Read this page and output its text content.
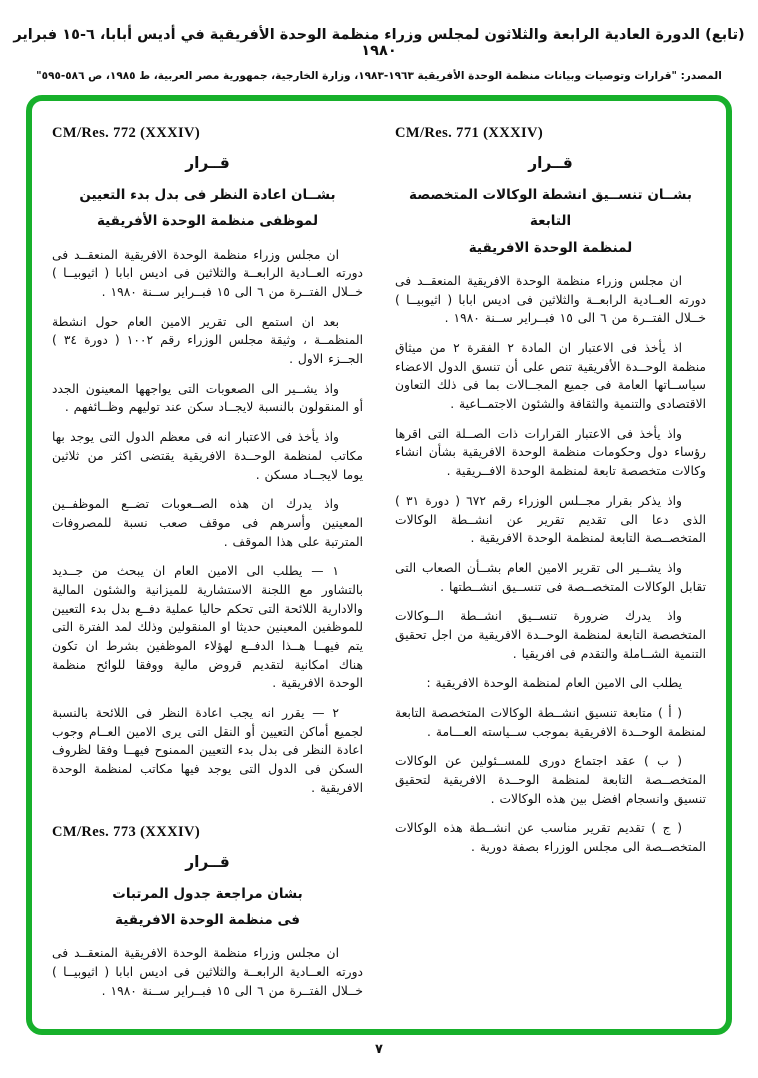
(تابع) الدورة العادية الرابعة والثلاثون لمجلس وزراء منظمة الوحدة الأفريقية في أديس أبابا، ٦-١٥ فبراير ١٩٨٠
المصدر: "قرارات وتوصيات وبيانات منظمة الوحدة الأفريقية ١٩٦٣-١٩٨٣، وزارة الخارجية، جمهورية مصر العربية، ط ١٩٨٥، ص ٥٨٦-٥٩٥"
CM/Res. 771 (XXXIV)
قــرار
بشــان تنســيق انشطة الوكالات المتخصصة التابعة
لمنظمة الوحدة الافريقية

ان مجلس وزراء منظمة الوحدة الافريقية المنعقــد فى دورته العــادية الرابعــة والثلاثين فى اديس ابابا ( اثيوبيــا ) خــلال الفتــرة من ٦ الى ١٥ فبــراير ســنة ١٩٨٠ .

اذ يأخذ فى الاعتبار ان المادة ٢ الفقرة ٢ من ميثاق منظمة الوحــدة الأفريقية تنص على أن تنسق الدول الاعضاء سياســاتها العامة فى جميع المجــالات بما فى ذلك التعاون الاقتصادى والتنمية والثقافة والشئون الاجتمــاعية .

واذ يأخذ فى الاعتبار القرارات ذات الصــلة التى اقرها رؤساء دول وحكومات منظمة الوحدة الافريقية بشأن انشاء وكالات متخصصة تابعة لمنظمة الوحدة الافــريقية .

واذ يذكر بقرار مجــلس الوزراء رقم ٦٧٢ ( دورة ٣١ ) الذى دعا الى تقديم تقرير عن انشــطة الوكالات المتخصــصة التابعة لمنظمة الوحدة الافريقية .

واذ يشــير الى تقرير الامين العام بشــأن الصعاب التى تقابل الوكالات المتخصــصة فى تنســيق انشــطتها .

واذ يدرك ضرورة تنســيق انشــطة الــوكالات المتخصصة التابعة لمنظمة الوحــدة الافريقية من اجل تحقيق التنمية الشــاملة والتقدم فى افريقيا .

يطلب الى الامين العام لمنظمة الوحدة الافريقية :

( أ ) متابعة تنسيق انشــطة الوكالات المتخصصة التابعة لمنظمة الوحــدة الافريقية بموجب ســياسته العـــامة .

( ب ) عقد اجتماع دورى للمســئولين عن الوكالات المتخصــصة التابعة لمنظمة الوحــدة الافريقية لتحقيق تنسيق وانسجام افضل بين هذه الوكالات .

( ج ) تقديم تقرير مناسب عن انشــطة هذه الوكالات المتخصــصة الى مجلس الوزراء بصفة دورية .

CM/Res. 772 (XXXIV)
قــرار
بشــان اعادة النظر فى بدل بدء التعيين
لموظفى منظمة الوحدة الأفريقية

ان مجلس وزراء منظمة الوحدة الافريقية المنعقــد فى دورته العــادية الرابعــة والثلاثين فى اديس ابابا ( اثيوبيــا ) خــلال الفتــرة من ٦ الى ١٥ فبــراير ســنة ١٩٨٠ .

بعد ان استمع الى تقرير الامين العام حول انشطة المنظمــة ، وثيقة مجلس الوزراء رقم ١٠٠٢ ( دورة ٣٤ ) الجــزء الاول .

واذ يشــير الى الصعوبات التى يواجهها المعينون الجدد أو المنقولون بالنسبة لايجــاد سكن عند توليهم وظــائفهم .

واذ يأخذ فى الاعتبار انه فى معظم الدول التى يوجد بها مكاتب لمنظمة الوحــدة الافريقية يقتضى اكثر من ثلاثين يوما لايجــاد مسكن .

واذ يدرك ان هذه الصــعوبات تضــع الموظفــين المعينين وأسرهم فى موقف صعب نسبة للمصروفات المترتبة على هذا الموقف .

١ — يطلب الى الامين العام ان يبحث من جــديد بالتشاور مع اللجنة الاستشارية للميزانية والشئون المالية والادارية اللائحة التى تحكم حاليا عملية دفــع بدل بدء التعيين للموظفين المعينين حديثا او المنقولين وذلك لمد الفترة التى يتم فيهــا هــذا الدفــع لهؤلاء الموظفين بشرط ان تكون هناك امكانية لتقديم قروض مالية ووفقا للوائح منظمة الوحدة الافريقية .

٢ — يقرر انه يجب اعادة النظر فى اللائحة بالنسبة لجميع أماكن التعيين أو النقل التى يرى الامين العــام وجوب اعادة النظر فى بدل بدء التعيين الممنوح فيهــا وفقا لظروف السكن فى الدول التى يوجد فيها مكاتب لمنظمة الوحدة الافريقية .

CM/Res. 773 (XXXIV)
قــرار
بشان مراجعة جدول المرتبات
فى منظمة الوحدة الافريقية

ان مجلس وزراء منظمة الوحدة الافريقية المنعقــد فى دورته العــادية الرابعــة والثلاثين فى اديس ابابا ( اثيوبيــا ) خــلال الفتــرة من ٦ الى ١٥ فبــراير ســنة ١٩٨٠ .

٧
